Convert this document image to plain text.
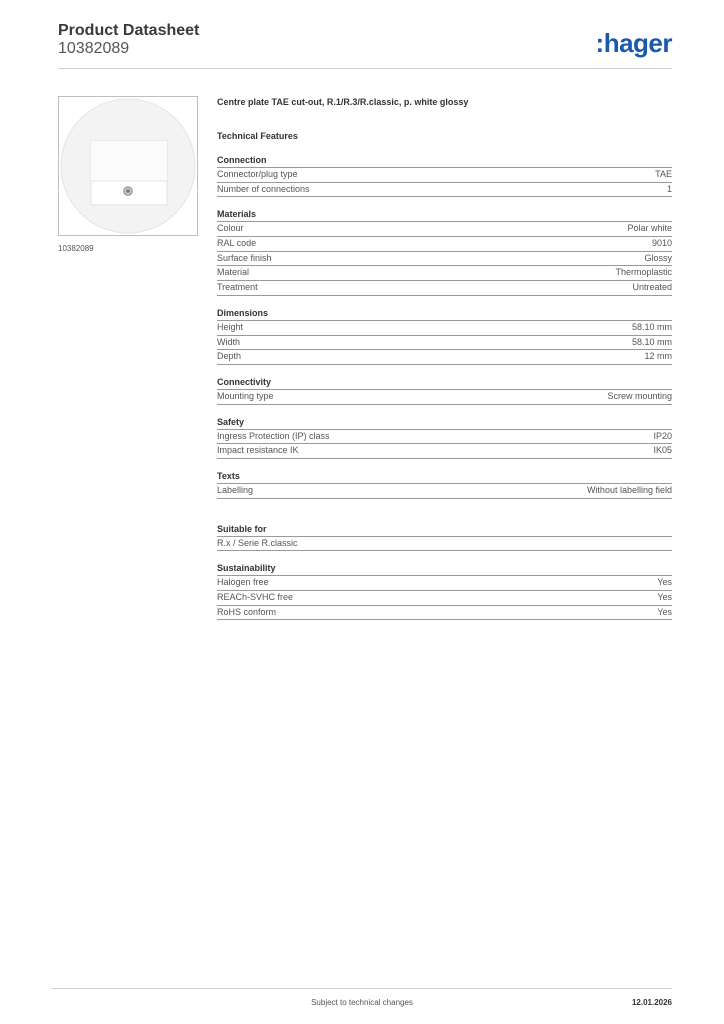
Product Datasheet
10382089	:hager
10382089
Centre plate TAE cut-out, R.1/R.3/R.classic, p. white glossy
Technical Features
Connection
Connector/plug type	TAE
Number of connections	1
Materials
Colour	Polar white
RAL code	9010
Surface finish	Glossy
Material	Thermoplastic
Treatment	Untreated
Dimensions
Height	58.10 mm
Width	58.10 mm
Depth	12 mm
Connectivity
Mounting type	Screw mounting
Safety
Ingress Protection (IP) class	IP20
Impact resistance IK	IK05
Texts
Labelling	Without labelling field
Suitable for
R.x / Serie R.classic
Sustainability
Halogen free	Yes
REACh-SVHC free	Yes
RoHS conform	Yes
Subject to technical changes	12.01.2026
